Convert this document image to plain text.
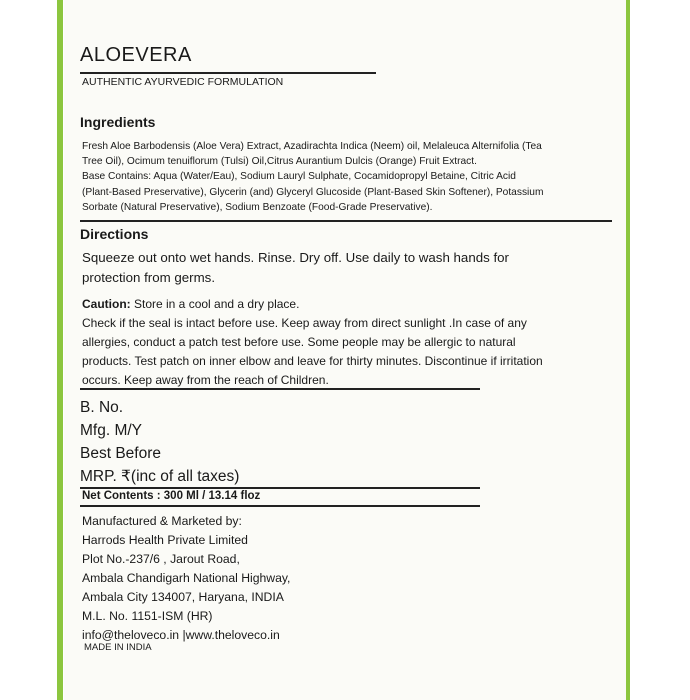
ALOEVERA
AUTHENTIC AYURVEDIC FORMULATION
Ingredients
Fresh Aloe Barbodensis (Aloe Vera) Extract, Azadirachta Indica (Neem) oil, Melaleuca Alternifolia (Tea
Tree Oil), Ocimum tenuiflorum (Tulsi) Oil,Citrus Aurantium Dulcis (Orange) Fruit Extract.
Base Contains: Aqua (Water/Eau), Sodium Lauryl Sulphate, Cocamidopropyl Betaine, Citric Acid
(Plant-Based Preservative), Glycerin (and) Glyceryl Glucoside (Plant-Based Skin Softener), Potassium
Sorbate (Natural Preservative), Sodium Benzoate (Food-Grade Preservative).
Directions
Squeeze out onto wet hands. Rinse. Dry off. Use daily to wash hands for
protection from germs.
Caution: Store in a cool and a dry place.
Check if the seal is intact before use. Keep away from direct sunlight .In case of any
allergies, conduct a patch test before use. Some people may be allergic to natural
products. Test patch on inner elbow and leave for thirty minutes. Discontinue if irritation
occurs. Keep away from the reach of Children.
B. No.
Mfg. M/Y
Best Before
MRP. ₹(inc of all taxes)
Net Contents : 300 Ml / 13.14 floz
Manufactured & Marketed by:
Harrods Health Private Limited
Plot No.-237/6 , Jarout Road,
Ambala Chandigarh National Highway,
Ambala City 134007, Haryana, INDIA
M.L. No. 1151-ISM (HR)
info@theloveco.in |www.theloveco.in
MADE IN INDIA
